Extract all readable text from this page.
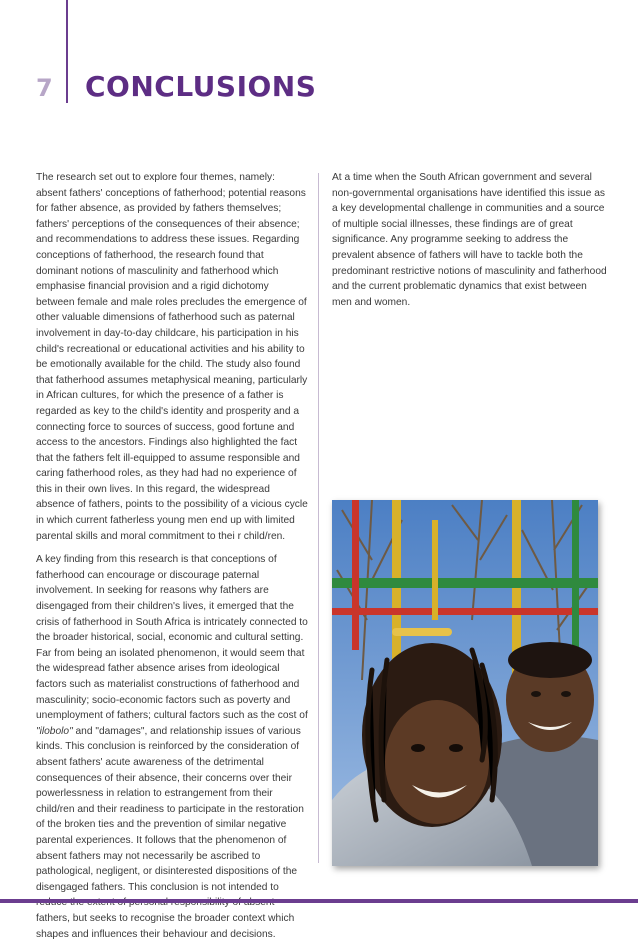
7 CONCLUSIONS

The research set out to explore four themes, namely: absent fathers' conceptions of fatherhood; potential reasons for father absence, as provided by fathers themselves; fathers' perceptions of the consequences of their absence; and recommendations to address these issues. Regarding conceptions of fatherhood, the research found that dominant notions of masculinity and fatherhood which emphasise financial provision and a rigid dichotomy between female and male roles precludes the emergence of other valuable dimensions of fatherhood such as paternal involvement in day-to-day childcare, his participation in his child's recreational or educational activities and his ability to be emotionally available for the child. The study also found that fatherhood assumes metaphysical meaning, particularly in African cultures, for which the presence of a father is regarded as key to the child's identity and prosperity and a connecting force to sources of success, good fortune and access to the ancestors. Findings also highlighted the fact that the fathers felt ill-equipped to assume responsible and caring fatherhood roles, as they had had no experience of this in their own lives. In this regard, the widespread absence of fathers, points to the possibility of a vicious cycle in which current fatherless young men end up with limited parental skills and moral commitment to thei r child/ren.

A key finding from this research is that conceptions of fatherhood can encourage or discourage paternal involvement. In seeking for reasons why fathers are disengaged from their children's lives, it emerged that the crisis of fatherhood in South Africa is intricately connected to the broader historical, social, economic and cultural setting. Far from being an isolated phenomenon, it would seem that the widespread father absence arises from ideological factors such as materialist constructions of fatherhood and masculinity; socio-economic factors such as poverty and unemployment of fathers; cultural factors such as the cost of "ilobolo" and "damages", and relationship issues of various kinds. This conclusion is reinforced by the consideration of absent fathers' acute awareness of the detrimental consequences of their absence, their concerns over their powerlessness in relation to estrangement from their child/ren and their readiness to participate in the restoration of the broken ties and the prevention of similar negative parental experiences. It follows that the phenomenon of absent fathers may not necessarily be ascribed to pathological, negligent, or disinterested dispositions of the disengaged fathers. This conclusion is not intended to fathers, but seeks to recognise the broader context which shapes and influences their behaviour and decisions.

At a time when the South African government and several non-governmental organisations have identified this issue as a key developmental challenge in communities and a source of multiple social illnesses, these findings are of great significance. Any programme seeking to address the prevalent absence of fathers will have to tackle both the predominant restrictive notions of masculinity and fatherhood and the current problematic dynamics that exist between men and women.
